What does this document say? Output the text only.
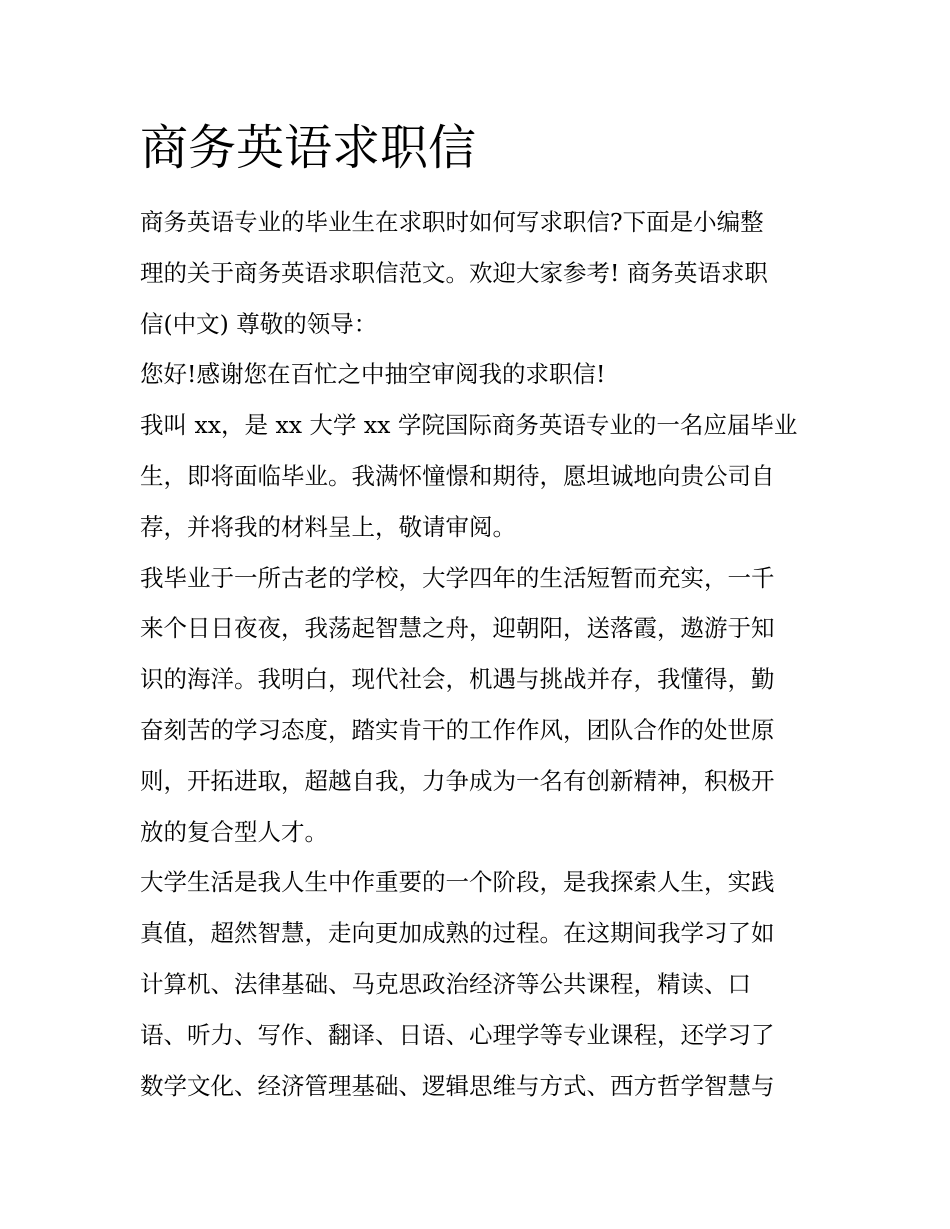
商务英语求职信
商务英语专业的毕业生在求职时如何写求职信?下面是小编整
理的关于商务英语求职信范文。欢迎大家参考! 商务英语求职
信(中文) 尊敬的领导：
您好!感谢您在百忙之中抽空审阅我的求职信!
我叫 xx，是 xx 大学 xx 学院国际商务英语专业的一名应届毕业
生，即将面临毕业。我满怀憧憬和期待，愿坦诚地向贵公司自
荐，并将我的材料呈上，敬请审阅。
我毕业于一所古老的学校，大学四年的生活短暂而充实，一千
来个日日夜夜，我荡起智慧之舟，迎朝阳，送落霞，遨游于知
识的海洋。我明白，现代社会，机遇与挑战并存，我懂得，勤
奋刻苦的学习态度，踏实肯干的工作作风，团队合作的处世原
则，开拓进取，超越自我，力争成为一名有创新精神，积极开
放的复合型人才。
大学生活是我人生中作重要的一个阶段，是我探索人生，实践
真值，超然智慧，走向更加成熟的过程。在这期间我学习了如
计算机、法律基础、马克思政治经济等公共课程，精读、口
语、听力、写作、翻译、日语、心理学等专业课程，还学习了
数学文化、经济管理基础、逻辑思维与方式、西方哲学智慧与
